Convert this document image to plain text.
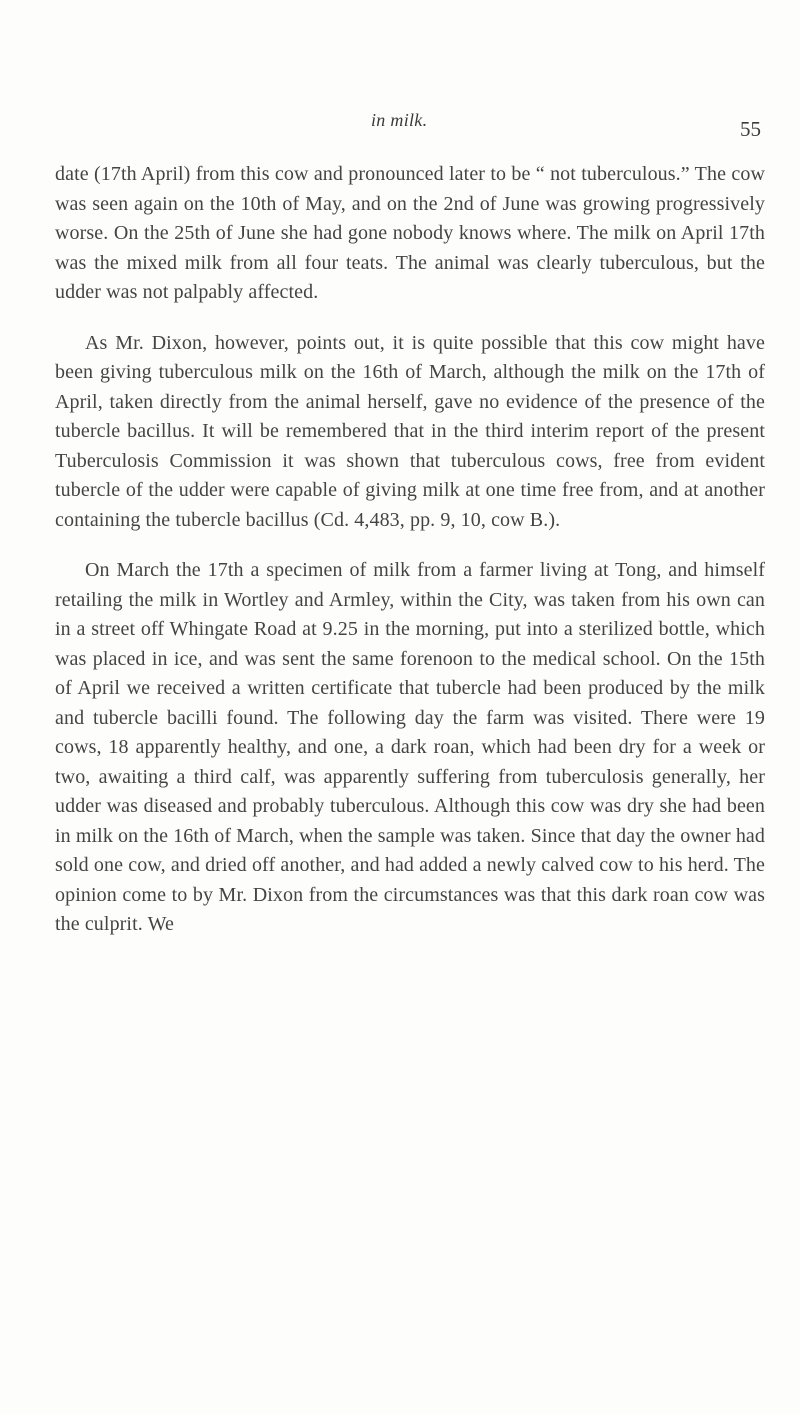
in milk.	55

date (17th April) from this cow and pronounced later to be “ not tuberculous.” The cow was seen again on the 10th of May, and on the 2nd of June was growing progressively worse. On the 25th of June she had gone nobody knows where. The milk on April 17th was the mixed milk from all four teats. The animal was clearly tuberculous, but the udder was not palpably affected.

As Mr. Dixon, however, points out, it is quite possible that this cow might have been giving tuberculous milk on the 16th of March, although the milk on the 17th of April, taken directly from the animal herself, gave no evidence of the presence of the tubercle bacillus. It will be remembered that in the third interim report of the present Tuberculosis Commission it was shown that tuberculous cows, free from evident tubercle of the udder were capable of giving milk at one time free from, and at another containing the tubercle bacillus (Cd. 4,483, pp. 9, 10, cow B.).

On March the 17th a specimen of milk from a farmer living at Tong, and himself retailing the milk in Wortley and Armley, within the City, was taken from his own can in a street off Whingate Road at 9.25 in the morning, put into a sterilized bottle, which was placed in ice, and was sent the same forenoon to the medical school. On the 15th of April we received a written certificate that tubercle had been produced by the milk and tubercle bacilli found. The following day the farm was visited. There were 19 cows, 18 apparently healthy, and one, a dark roan, which had been dry for a week or two, awaiting a third calf, was apparently suffering from tuberculosis generally, her udder was diseased and probably tuberculous. Although this cow was dry she had been in milk on the 16th of March, when the sample was taken. Since that day the owner had sold one cow, and dried off another, and had added a newly calved cow to his herd. The opinion come to by Mr. Dixon from the circumstances was that this dark roan cow was the culprit. We
